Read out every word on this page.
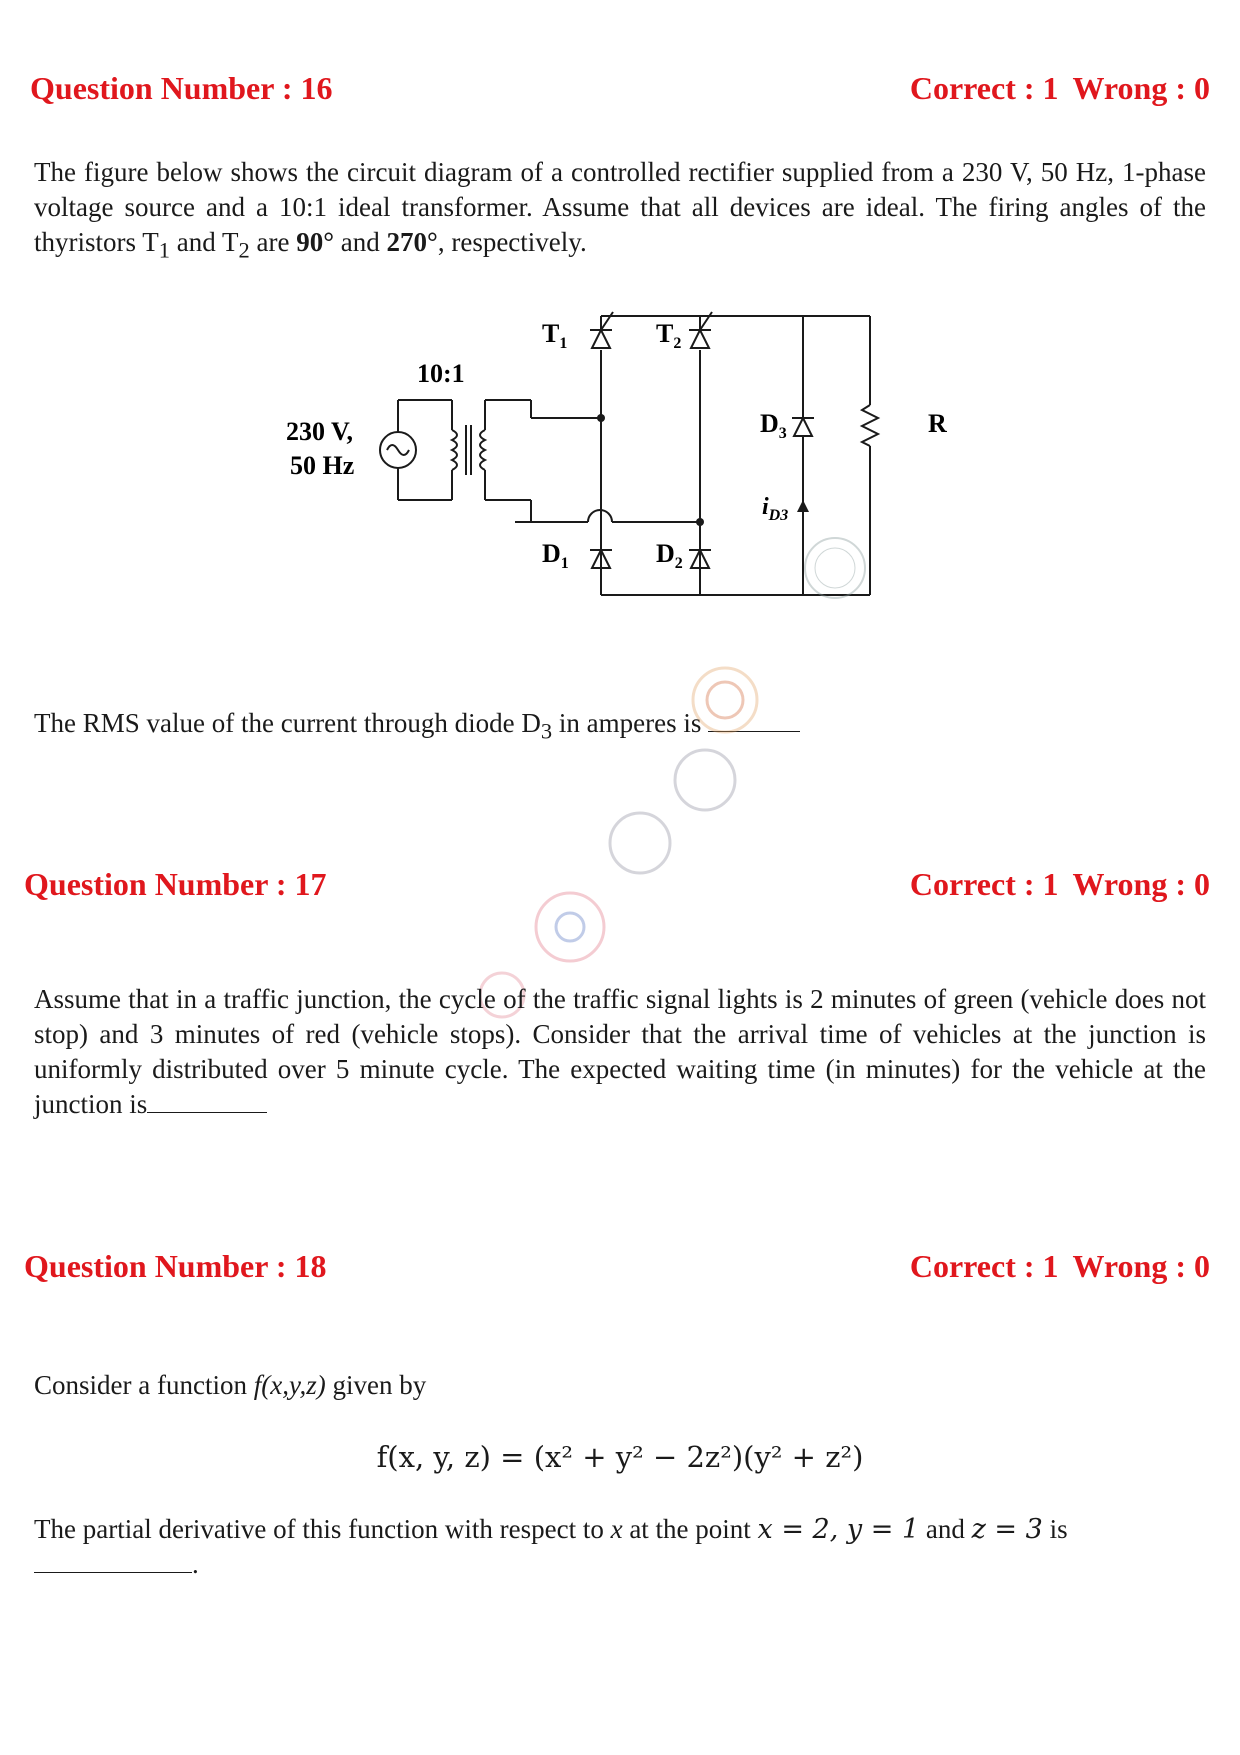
Question Number : 16	Correct : 1 Wrong : 0
The figure below shows the circuit diagram of a controlled rectifier supplied from a 230 V, 50 Hz, 1-phase voltage source and a 10:1 ideal transformer. Assume that all devices are ideal. The firing angles of the thyristors $T_1$ and $T_2$ are 90° and 270°, respectively.
230 V,
50 Hz
10:1
$T_1$	$T_2$
$D_1$	$D_2$
$D_3$
$i_{D3}$
R
The RMS value of the current through diode $D_3$ in amperes is
Question Number : 17	Correct : 1 Wrong : 0
Assume that in a traffic junction, the cycle of the traffic signal lights is 2 minutes of green (vehicle does not stop) and 3 minutes of red (vehicle stops). Consider that the arrival time of vehicles at the junction is uniformly distributed over 5 minute cycle. The expected waiting time (in minutes) for the vehicle at the junction is
Question Number : 18	Correct : 1 Wrong : 0
Consider a function f(x,y,z) given by
f(x, y, z) = (x² + y² − 2z²)(y² + z²)
The partial derivative of this function with respect to x at the point x = 2, y = 1 and z = 3 is
.
